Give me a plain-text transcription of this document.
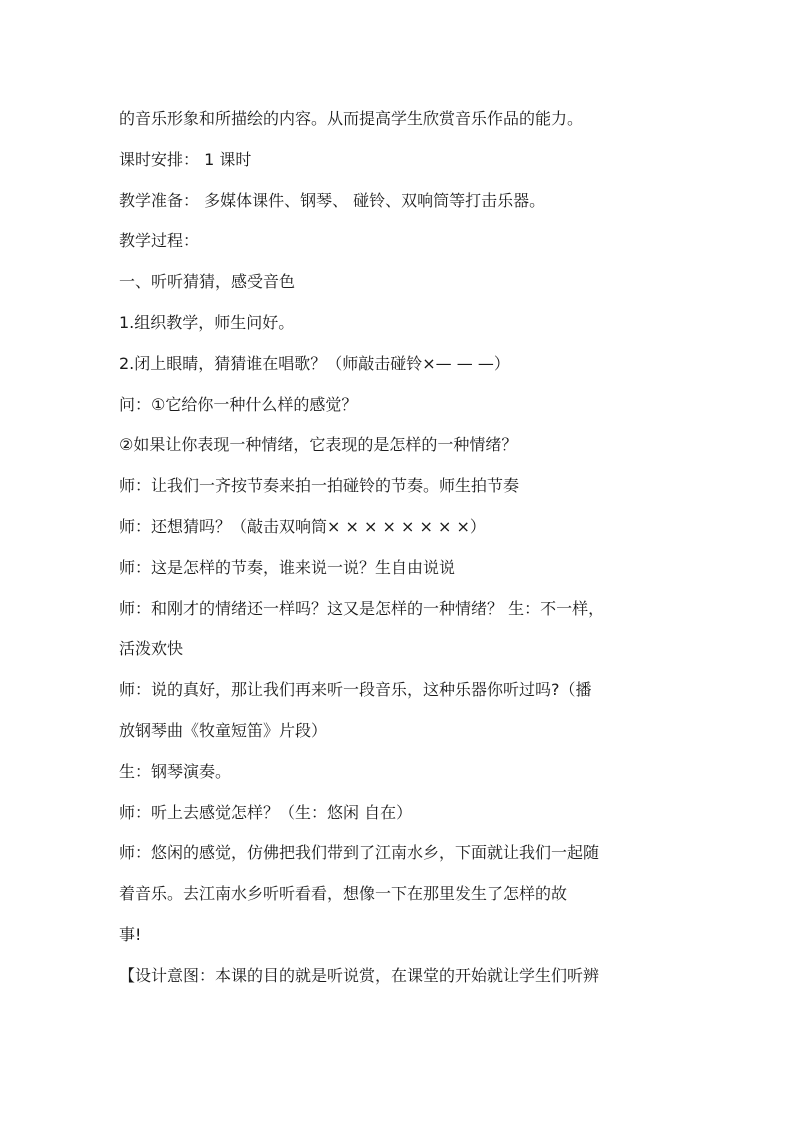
的音乐形象和所描绘的内容。从而提高学生欣赏音乐作品的能力。
课时安排： 1 课时
教学准备： 多媒体课件、钢琴、 碰铃、双响筒等打击乐器。
教学过程：
一、听听猜猜，感受音色
1.组织教学，师生问好。
2.闭上眼睛，猜猜谁在唱歌？（师敲击碰铃×— — —）
问：①它给你一种什么样的感觉？
②如果让你表现一种情绪，它表现的是怎样的一种情绪？
师：让我们一齐按节奏来拍一拍碰铃的节奏。师生拍节奏
师：还想猜吗？（敲击双响筒× × × × × × × ×）
师：这是怎样的节奏，谁来说一说？生自由说说
师：和刚才的情绪还一样吗？这又是怎样的一种情绪？ 生：不一样，
活泼欢快
师：说的真好，那让我们再来听一段音乐，这种乐器你听过吗?（播
放钢琴曲《牧童短笛》片段）
生：钢琴演奏。
师：听上去感觉怎样？（生：悠闲 自在）
师：悠闲的感觉，仿佛把我们带到了江南水乡，下面就让我们一起随
着音乐。去江南水乡听听看看，想像一下在那里发生了怎样的故
事!
【设计意图：本课的目的就是听说赏，在课堂的开始就让学生们听辨
